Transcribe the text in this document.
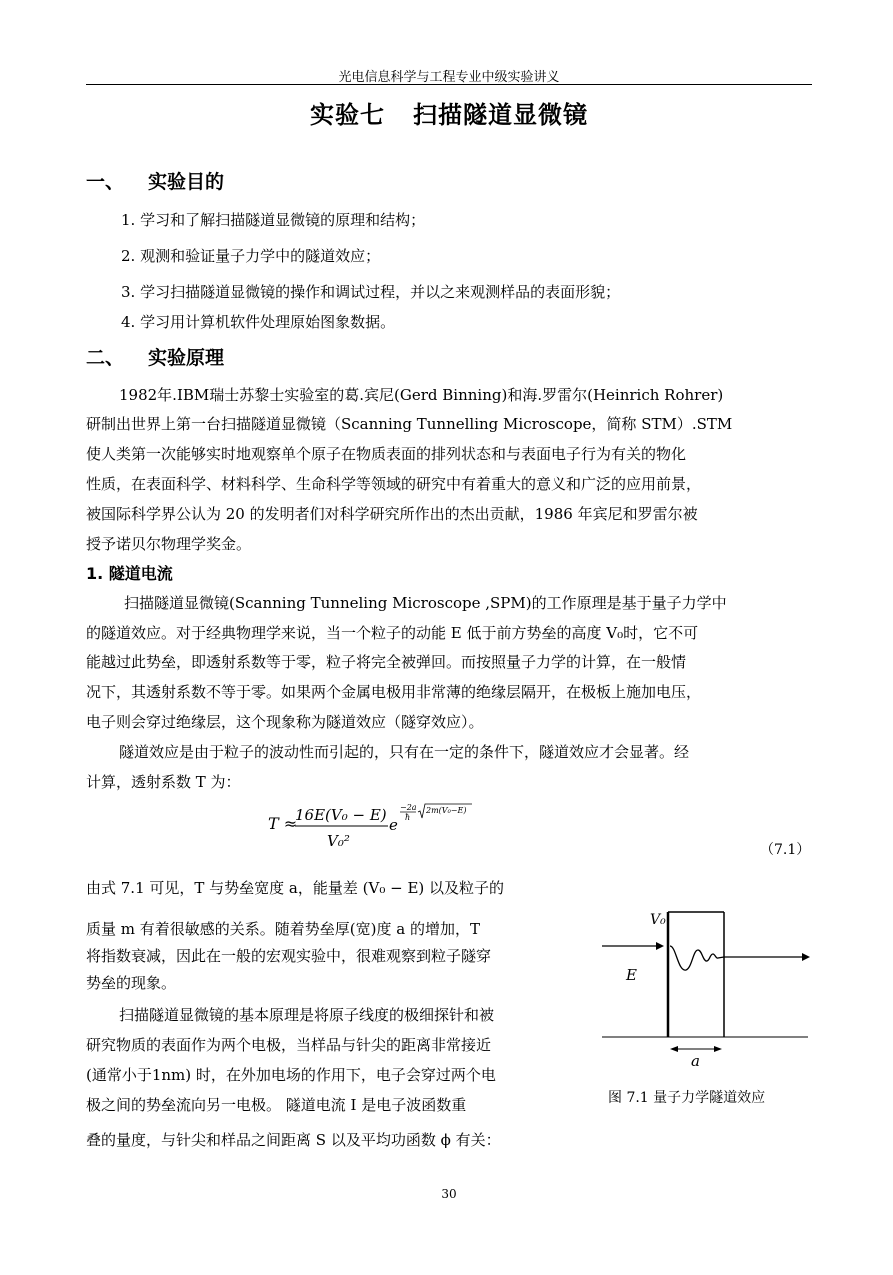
光电信息科学与工程专业中级实验讲义
实验七 扫描隧道显微镜
一、 实验目的
1. 学习和了解扫描隧道显微镜的原理和结构；
2. 观测和验证量子力学中的隧道效应；
3. 学习扫描隧道显微镜的操作和调试过程，并以之来观测样品的表面形貌；
4. 学习用计算机软件处理原始图象数据。
二、 实验原理
1982年.IBM瑞士苏黎士实验室的葛.宾尼(Gerd Binning)和海.罗雷尔(Heinrich Rohrer)
研制出世界上第一台扫描隧道显微镜（Scanning Tunnelling Microscope，简称 STM）.STM
使人类第一次能够实时地观察单个原子在物质表面的排列状态和与表面电子行为有关的物化
性质，在表面科学、材料科学、生命科学等领域的研究中有着重大的意义和广泛的应用前景，
被国际科学界公认为 20 的发明者们对科学研究所作出的杰出贡献，1986 年宾尼和罗雷尔被
授予诺贝尔物理学奖金。
1. 隧道电流
扫描隧道显微镜(Scanning Tunneling Microscope ,SPM)的工作原理是基于量子力学中
的隧道效应。对于经典物理学来说，当一个粒子的动能 E 低于前方势垒的高度 V₀时，它不可
能越过此势垒，即透射系数等于零，粒子将完全被弹回。而按照量子力学的计算，在一般情
况下，其透射系数不等于零。如果两个金属电极用非常薄的绝缘层隔开，在极板上施加电压，
电子则会穿过绝缘层，这个现象称为隧道效应（隧穿效应）。
隧道效应是由于粒子的波动性而引起的，只有在一定的条件下，隧道效应才会显著。经
计算，透射系数 T 为：
T ≈
16E(V₀ − E)
V₀²
e
−2a
ħ
2m(V₀−E)
（7.1）
由式 7.1 可见，T 与势垒宽度 a，能量差 (V₀ − E) 以及粒子的
质量 m 有着很敏感的关系。随着势垒厚(宽)度 a 的增加，T
将指数衰减，因此在一般的宏观实验中，很难观察到粒子隧穿
势垒的现象。
扫描隧道显微镜的基本原理是将原子线度的极细探针和被
研究物质的表面作为两个电极，当样品与针尖的距离非常接近
(通常小于1nm) 时，在外加电场的作用下，电子会穿过两个电
极之间的势垒流向另一电极。 隧道电流 I 是电子波函数重
叠的量度，与针尖和样品之间距离 S 以及平均功函数 ϕ 有关：
V₀
E
a
图 7.1 量子力学隧道效应
30
